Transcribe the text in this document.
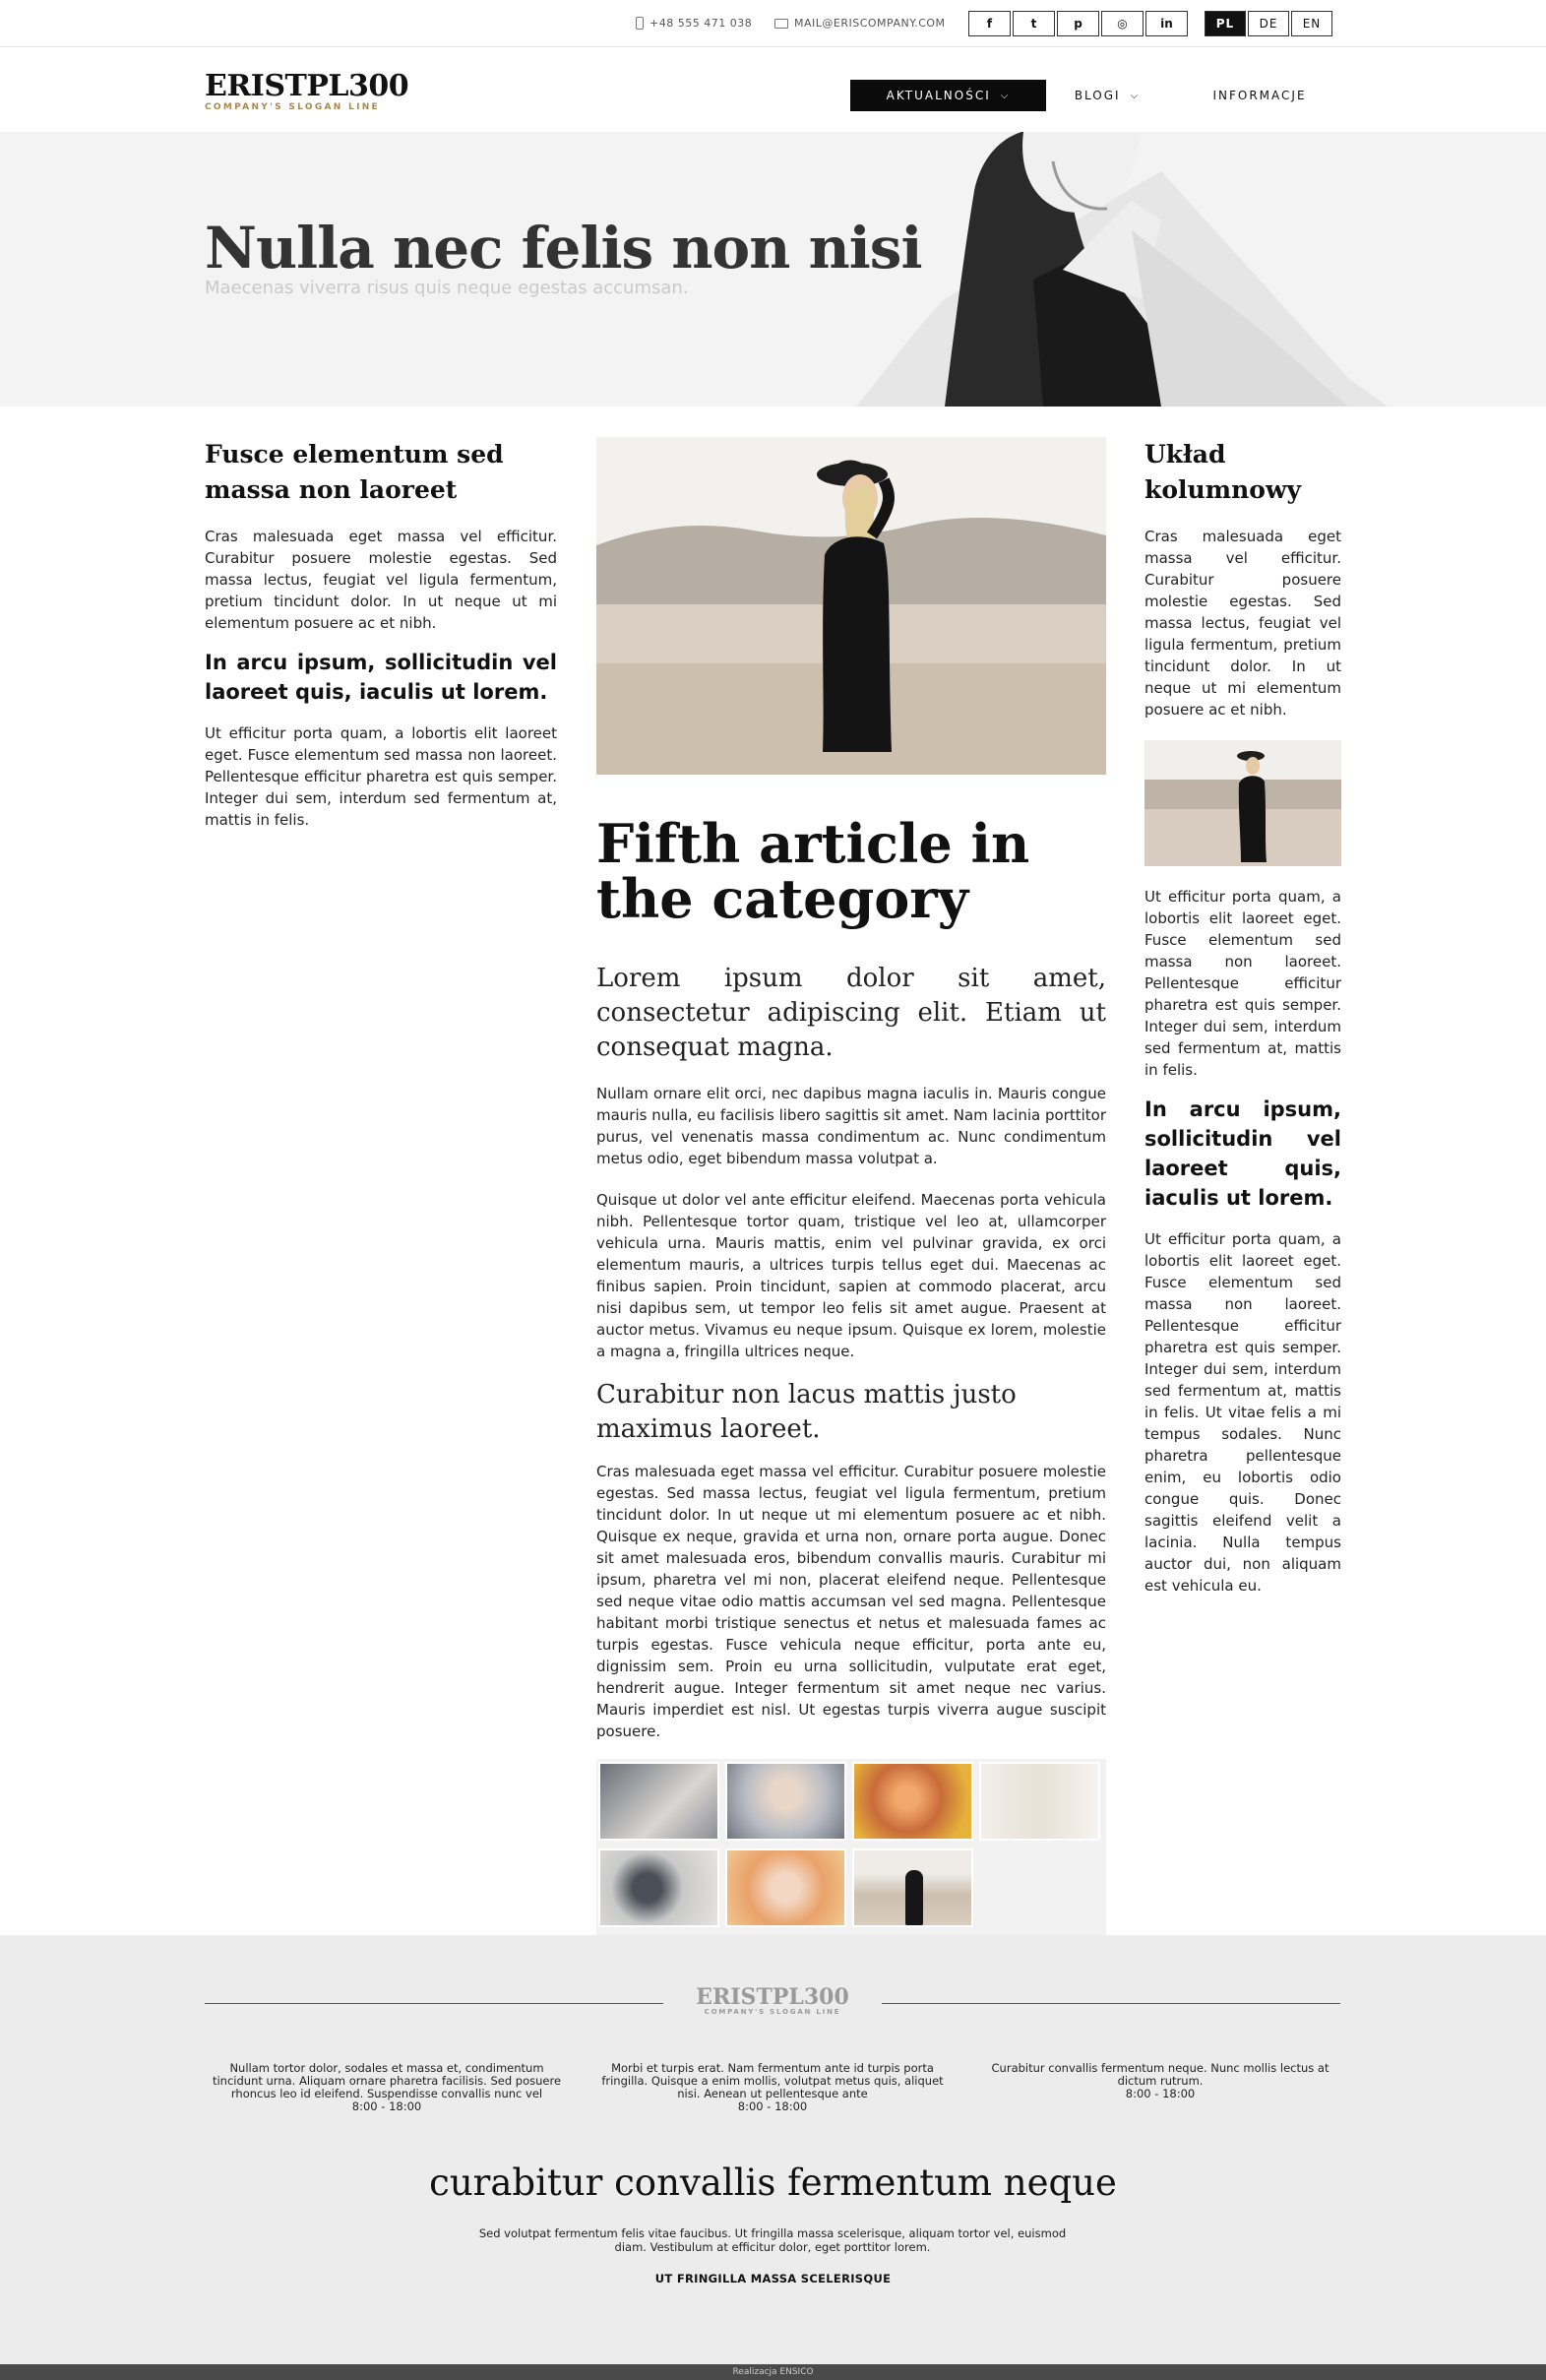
+48 555 471 038	MAIL@ERISCOMPANY.COM	f	t	p	◎	in	PL	DE	EN
ERISTPL300
COMPANY'S SLOGAN LINE
AKTUALNOŚCI ⌵	BLOGI ⌵	INFORMACJE
Nulla nec felis non nisi
Maecenas viverra risus quis neque egestas accumsan.
Fusce elementum sed massa non laoreet
Cras malesuada eget massa vel efficitur. Curabitur posuere molestie egestas. Sed massa lectus, feugiat vel ligula fermentum, pretium tincidunt dolor. In ut neque ut mi elementum posuere ac et nibh.
In arcu ipsum, sollicitudin vel laoreet quis, iaculis ut lorem.
Ut efficitur porta quam, a lobortis elit laoreet eget. Fusce elementum sed massa non laoreet. Pellentesque efficitur pharetra est quis semper. Integer dui sem, interdum sed fermentum at, mattis in felis.	Fifth article in the category
Lorem ipsum dolor sit amet, consectetur adipiscing elit. Etiam ut consequat magna.
Nullam ornare elit orci, nec dapibus magna iaculis in. Mauris congue mauris nulla, eu facilisis libero sagittis sit amet. Nam lacinia porttitor purus, vel venenatis massa condimentum ac. Nunc condimentum metus odio, eget bibendum massa volutpat a.
Quisque ut dolor vel ante efficitur eleifend. Maecenas porta vehicula nibh. Pellentesque tortor quam, tristique vel leo at, ullamcorper vehicula urna. Mauris mattis, enim vel pulvinar gravida, ex orci elementum mauris, a ultrices turpis tellus eget dui. Maecenas ac finibus sapien. Proin tincidunt, sapien at commodo placerat, arcu nisi dapibus sem, ut tempor leo felis sit amet augue. Praesent at auctor metus. Vivamus eu neque ipsum. Quisque ex lorem, molestie a magna a, fringilla ultrices neque.
Curabitur non lacus mattis justo maximus laoreet.
Cras malesuada eget massa vel efficitur. Curabitur posuere molestie egestas. Sed massa lectus, feugiat vel ligula fermentum, pretium tincidunt dolor. In ut neque ut mi elementum posuere ac et nibh. Quisque ex neque, gravida et urna non, ornare porta augue. Donec sit amet malesuada eros, bibendum convallis mauris. Curabitur mi ipsum, pharetra vel mi non, placerat eleifend neque. Pellentesque sed neque vitae odio mattis accumsan vel sed magna. Pellentesque habitant morbi tristique senectus et netus et malesuada fames ac turpis egestas. Fusce vehicula neque efficitur, porta ante eu, dignissim sem. Proin eu urna sollicitudin, vulputate erat eget, hendrerit augue. Integer fermentum sit amet neque nec varius. Mauris imperdiet est nisl. Ut egestas turpis viverra augue suscipit posuere.
Układ kolumnowy
Cras malesuada eget massa vel efficitur. Curabitur posuere molestie egestas. Sed massa lectus, feugiat vel ligula fermentum, pretium tincidunt dolor. In ut neque ut mi elementum posuere ac et nibh.
Ut efficitur porta quam, a lobortis elit laoreet eget. Fusce elementum sed massa non laoreet. Pellentesque efficitur pharetra est quis semper. Integer dui sem, interdum sed fermentum at, mattis in felis.
In arcu ipsum, sollicitudin vel laoreet quis, iaculis ut lorem.
Ut efficitur porta quam, a lobortis elit laoreet eget. Fusce elementum sed massa non laoreet. Pellentesque efficitur pharetra est quis semper. Integer dui sem, interdum sed fermentum at, mattis in felis. Ut vitae felis a mi tempus sodales. Nunc pharetra pellentesque enim, eu lobortis odio congue quis. Donec sagittis eleifend velit a lacinia. Nulla tempus auctor dui, non aliquam est vehicula eu.
ERISTPL300
COMPANY'S SLOGAN LINE
Nullam tortor dolor, sodales et massa et, condimentum tincidunt urna. Aliquam ornare pharetra facilisis. Sed posuere rhoncus leo id eleifend. Suspendisse convallis nunc vel
8:00 - 18:00
Morbi et turpis erat. Nam fermentum ante id turpis porta fringilla. Quisque a enim mollis, volutpat metus quis, aliquet nisi. Aenean ut pellentesque ante
8:00 - 18:00
Curabitur convallis fermentum neque. Nunc mollis lectus at dictum rutrum.
8:00 - 18:00
curabitur convallis fermentum neque
Sed volutpat fermentum felis vitae faucibus. Ut fringilla massa scelerisque, aliquam tortor vel, euismod diam. Vestibulum at efficitur dolor, eget porttitor lorem.
UT FRINGILLA MASSA SCELERISQUE
Realizacja ENSICO
